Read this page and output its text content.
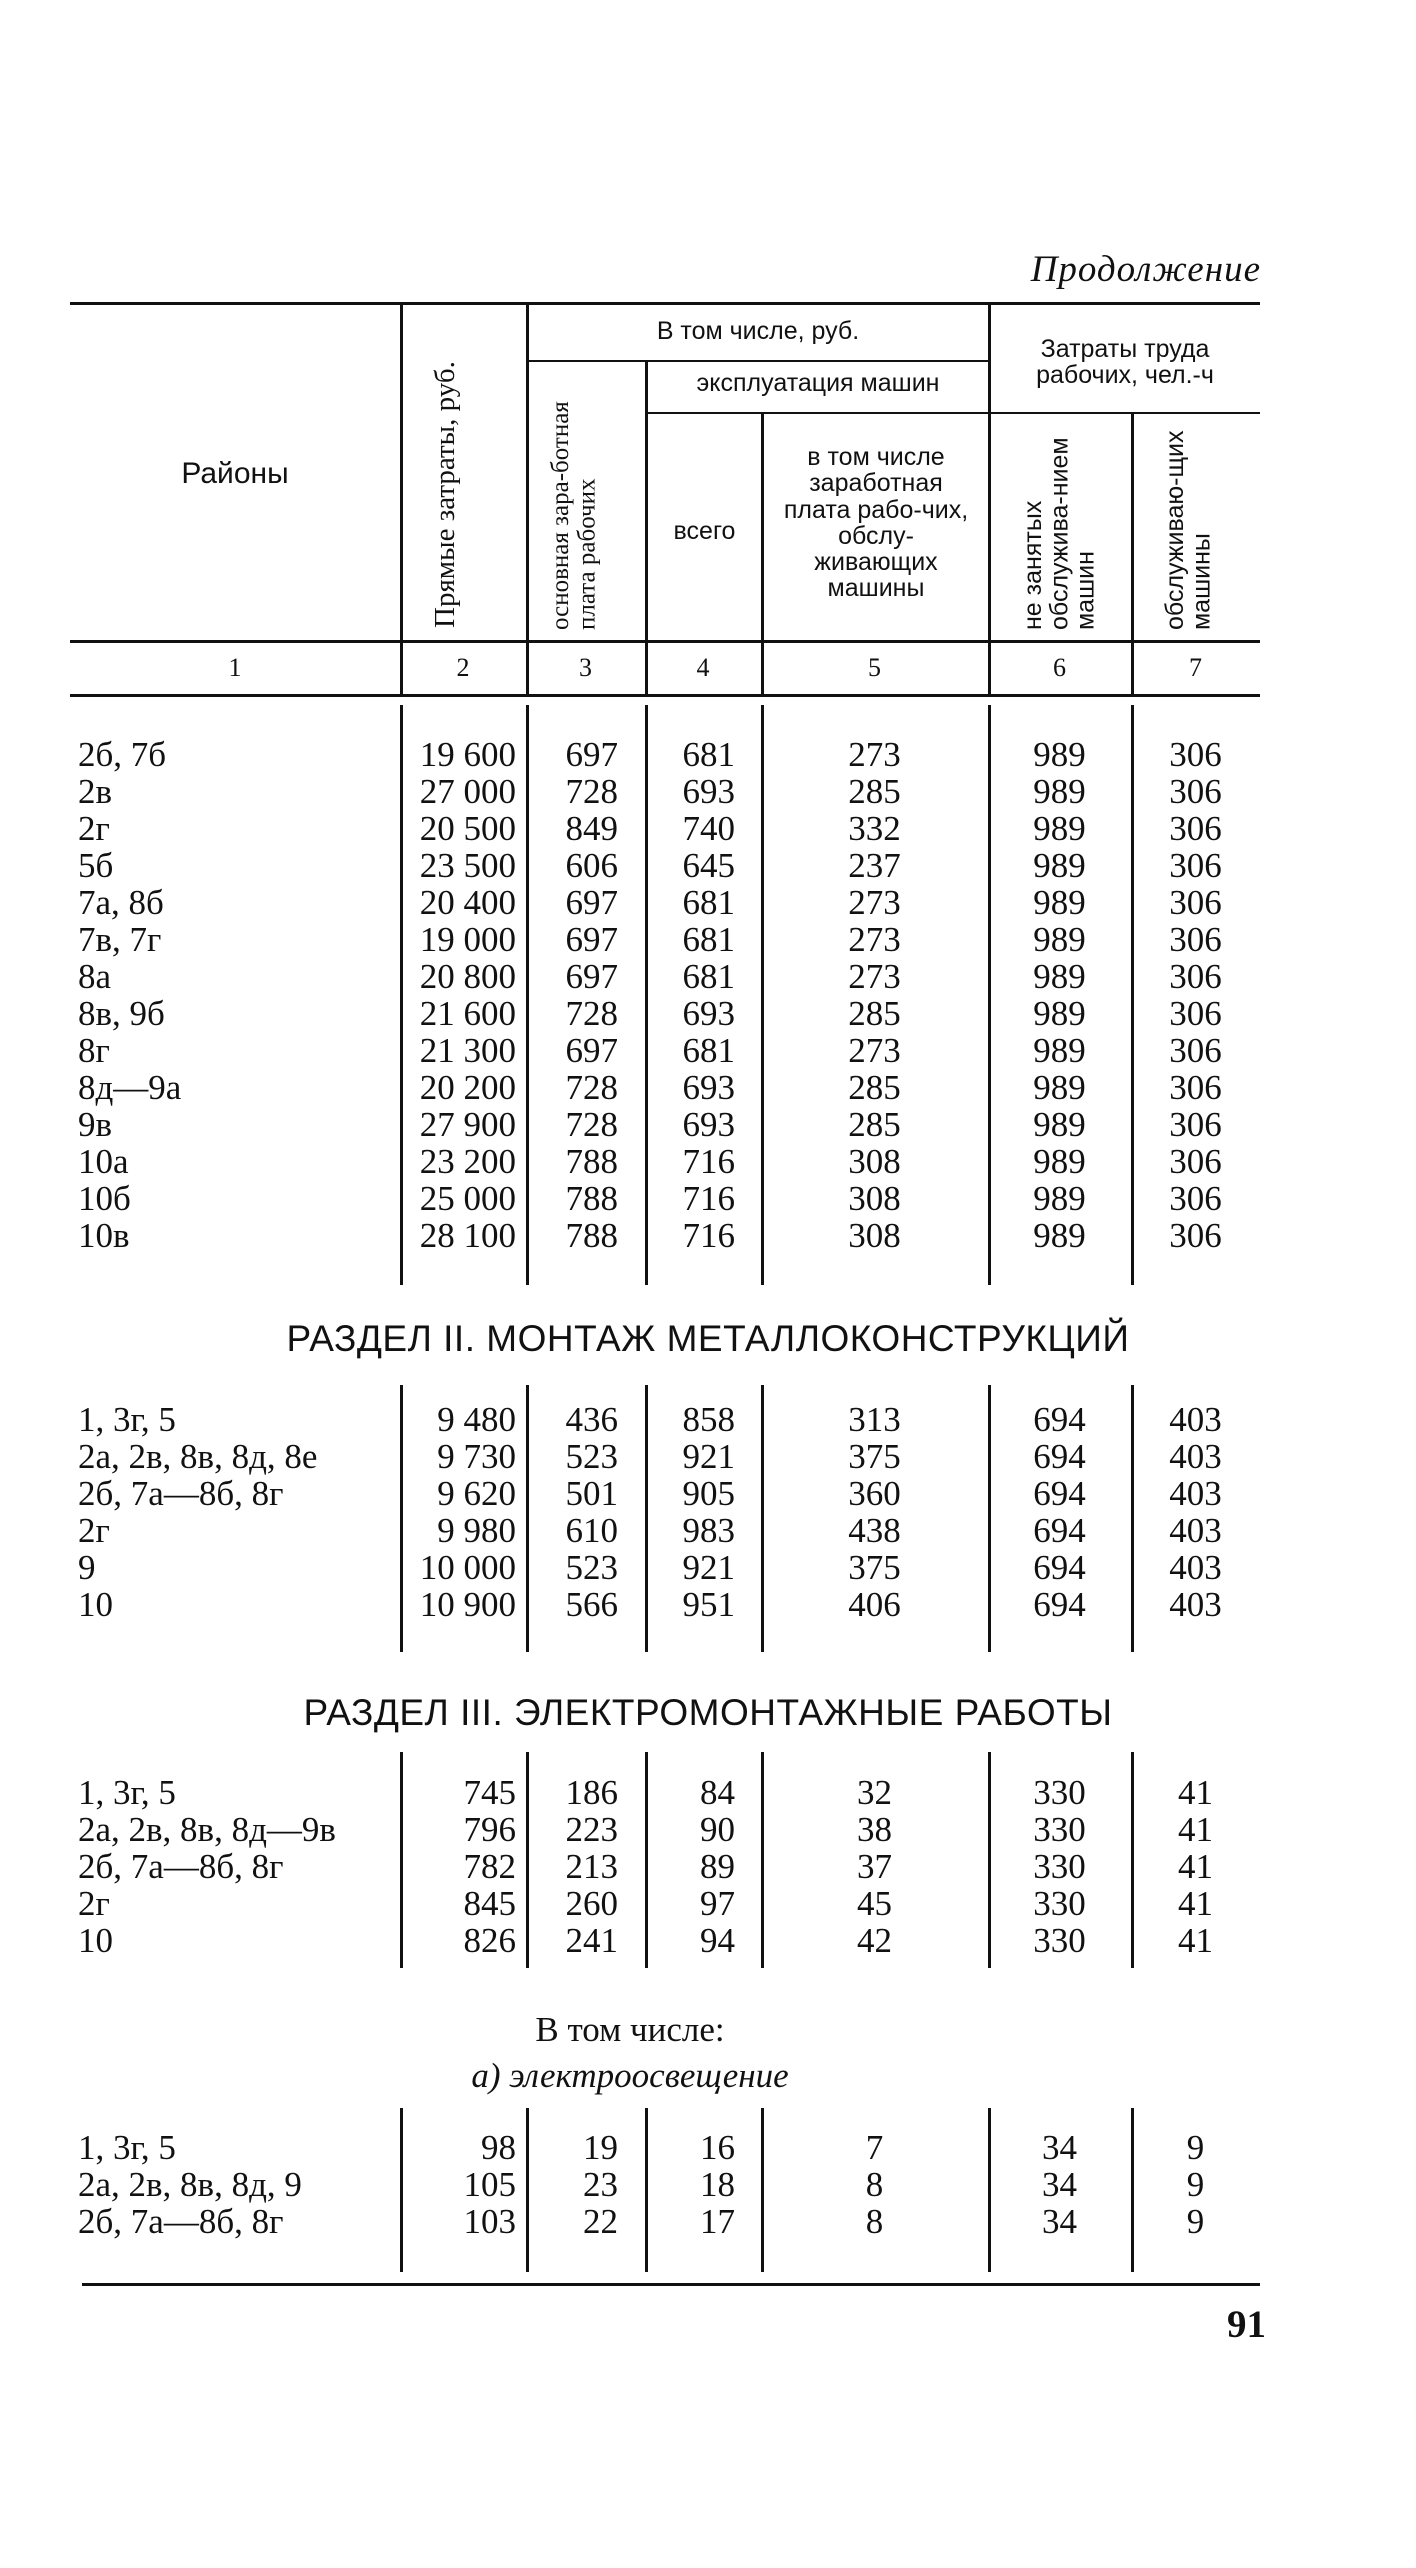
Продолжение
Районы	Прямые затраты, руб.
В том числе, руб.
основная зара-ботная плата рабочих
эксплуатация машин
всего
в том числе заработная плата рабо-чих, обслу-живающих машины
Затраты труда рабочих, чел.-ч
не занятых обслужива-нием машин	обслуживаю-щих машины
1	2	3	4	5	6	7
2б, 7б	19 600	697	681	273	989	306
2в	27 000	728	693	285	989	306
2г	20 500	849	740	332	989	306
5б	23 500	606	645	237	989	306
7а, 8б	20 400	697	681	273	989	306
7в, 7г	19 000	697	681	273	989	306
8а	20 800	697	681	273	989	306
8в, 9б	21 600	728	693	285	989	306
8г	21 300	697	681	273	989	306
8д—9а	20 200	728	693	285	989	306
9в	27 900	728	693	285	989	306
10а	23 200	788	716	308	989	306
10б	25 000	788	716	308	989	306
10в	28 100	788	716	308	989	306
РАЗДЕЛ II. МОНТАЖ МЕТАЛЛОКОНСТРУКЦИЙ
1, 3г, 5	9 480	436	858	313	694	403
2а, 2в, 8в, 8д, 8е	9 730	523	921	375	694	403
2б, 7а—8б, 8г	9 620	501	905	360	694	403
2г	9 980	610	983	438	694	403
9	10 000	523	921	375	694	403
10	10 900	566	951	406	694	403
РАЗДЕЛ III. ЭЛЕКТРОМОНТАЖНЫЕ РАБОТЫ
1, 3г, 5	745	186	84	32	330	41
2а, 2в, 8в, 8д—9в	796	223	90	38	330	41
2б, 7а—8б, 8г	782	213	89	37	330	41
2г	845	260	97	45	330	41
10	826	241	94	42	330	41
В том числе:
а) электроосвещение
1, 3г, 5	98	19	16	7	34	9
2а, 2в, 8в, 8д, 9	105	23	18	8	34	9
2б, 7а—8б, 8г	103	22	17	8	34	9
91
